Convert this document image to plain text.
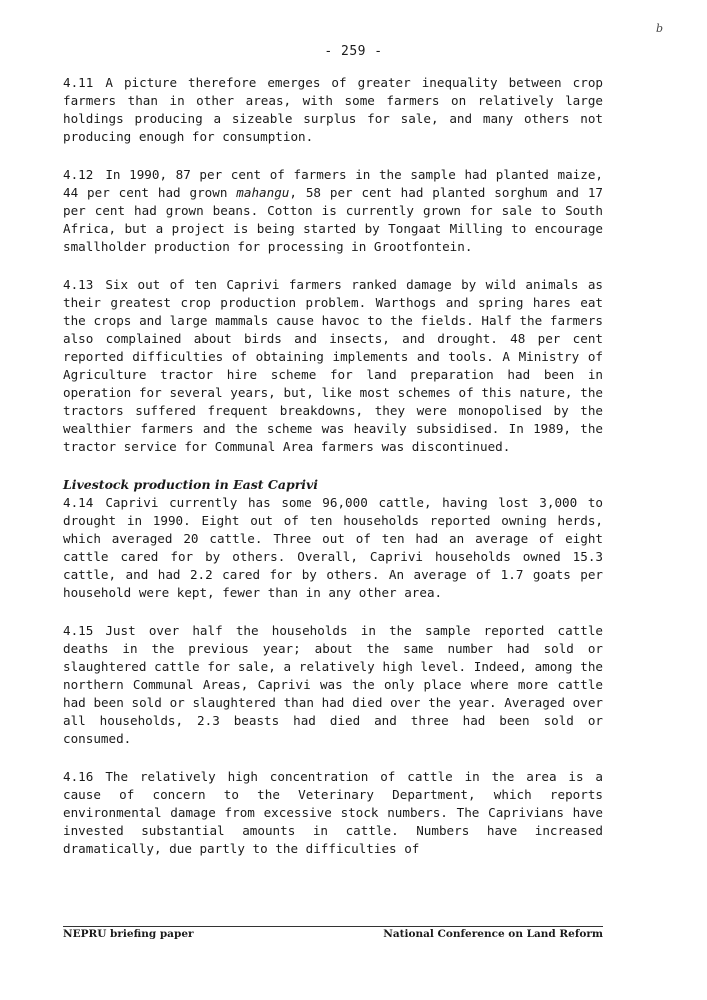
b
- 259 -

4.11 A picture therefore emerges of greater inequality between crop farmers than in other areas, with some farmers on relatively large holdings producing a sizeable surplus for sale, and many others not producing enough for consumption.

4.12 In 1990, 87 per cent of farmers in the sample had planted maize, 44 per cent had grown mahangu, 58 per cent had planted sorghum and 17 per cent had grown beans. Cotton is currently grown for sale to South Africa, but a project is being started by Tongaat Milling to encourage smallholder production for processing in Grootfontein.

4.13 Six out of ten Caprivi farmers ranked damage by wild animals as their greatest crop production problem. Warthogs and spring hares eat the crops and large mammals cause havoc to the fields. Half the farmers also complained about birds and insects, and drought. 48 per cent reported difficulties of obtaining implements and tools. A Ministry of Agriculture tractor hire scheme for land preparation had been in operation for several years, but, like most schemes of this nature, the tractors suffered frequent breakdowns, they were monopolised by the wealthier farmers and the scheme was heavily subsidised. In 1989, the tractor service for Communal Area farmers was discontinued.

Livestock production in East Caprivi

4.14 Caprivi currently has some 96,000 cattle, having lost 3,000 to drought in 1990. Eight out of ten households reported owning herds, which averaged 20 cattle. Three out of ten had an average of eight cattle cared for by others. Overall, Caprivi households owned 15.3 cattle, and had 2.2 cared for by others. An average of 1.7 goats per household were kept, fewer than in any other area.

4.15 Just over half the households in the sample reported cattle deaths in the previous year; about the same number had sold or slaughtered cattle for sale, a relatively high level. Indeed, among the northern Communal Areas, Caprivi was the only place where more cattle had been sold or slaughtered than had died over the year. Averaged over all households, 2.3 beasts had died and three had been sold or consumed.

4.16 The relatively high concentration of cattle in the area is a cause of concern to the Veterinary Department, which reports environmental damage from excessive stock numbers. The Caprivians have invested substantial amounts in cattle. Numbers have increased dramatically, due partly to the difficulties of

NEPRU briefing paper	National Conference on Land Reform
